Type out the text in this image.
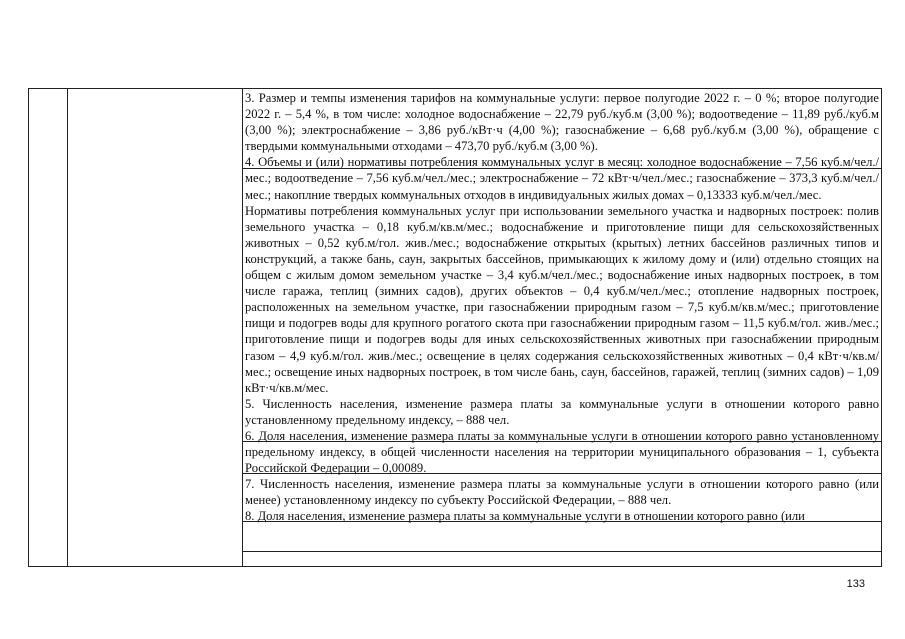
3. Размер и темпы изменения тарифов на коммунальные услуги: первое полугодие 2022 г. – 0 %; второе полугодие 2022 г. – 5,4 %, в том числе: холодное водоснабжение – 22,79 руб./куб.м (3,00 %); водоотведение – 11,89 руб./куб.м (3,00 %); электроснабжение – 3,86 руб./кВт·ч (4,00 %); газоснабжение – 6,68 руб./куб.м (3,00 %), обращение с твердыми коммунальными отходами – 473,70 руб./куб.м (3,00 %).

4. Объемы и (или) нормативы потребления коммунальных услуг в месяц: холодное водоснабжение – 7,56 куб.м/чел./мес.; водоотведение – 7,56 куб.м/чел./мес.; электроснабжение – 72 кВт·ч/чел./мес.; газоснабжение – 373,3 куб.м/чел./мес.; накоплние твердых коммунальных отходов в индивидуальных жилых домах – 0,13333 куб.м/чел./мес.

Нормативы потребления коммунальных услуг при использовании земельного участка и надворных построек: полив земельного участка – 0,18 куб.м/кв.м/мес.; водоснабжение и приготовление пищи для сельскохозяйственных животных – 0,52 куб.м/гол. жив./мес.; водоснабжение открытых (крытых) летних бассейнов различных типов и конструкций, а также бань, саун, закрытых бассейнов, примыкающих к жилому дому и (или) отдельно стоящих на общем с жилым домом земельном участке – 3,4 куб.м/чел./мес.; водоснабжение иных надворных построек, в том числе гаража, теплиц (зимних садов), других объектов – 0,4 куб.м/чел./мес.; отопление надворных построек, расположенных на земельном участке, при газоснабжении природным газом – 7,5 куб.м/кв.м/мес.; приготовление пищи и подогрев воды для крупного рогатого скота при газоснабжении природным газом – 11,5 куб.м/гол. жив./мес.; приготовление пищи и подогрев воды для иных сельскохозяйственных животных при газоснабжении природным газом – 4,9 куб.м/гол. жив./мес.; освещение в целях содержания сельскохозяйственных животных – 0,4 кВт·ч/кв.м/мес.; освещение иных надворных построек, в том числе бань, саун, бассейнов, гаражей, теплиц (зимних садов) – 1,09 кВт·ч/кв.м/мес.

5. Численность населения, изменение размера платы за коммунальные услуги в отношении которого равно установленному предельному индексу, – 888 чел.

6. Доля населения, изменение размера платы за коммунальные услуги в отношении которого равно установленному предельному индексу, в общей численности населения на территории муниципального образования – 1, субъекта Российской Федерации – 0,00089.

7. Численность населения, изменение размера платы за коммунальные услуги в отношении которого равно (или менее) установленному индексу по субъекту Российской Федерации, – 888 чел.

8. Доля населения, изменение размера платы за коммунальные услуги в отношении которого равно (или

133
